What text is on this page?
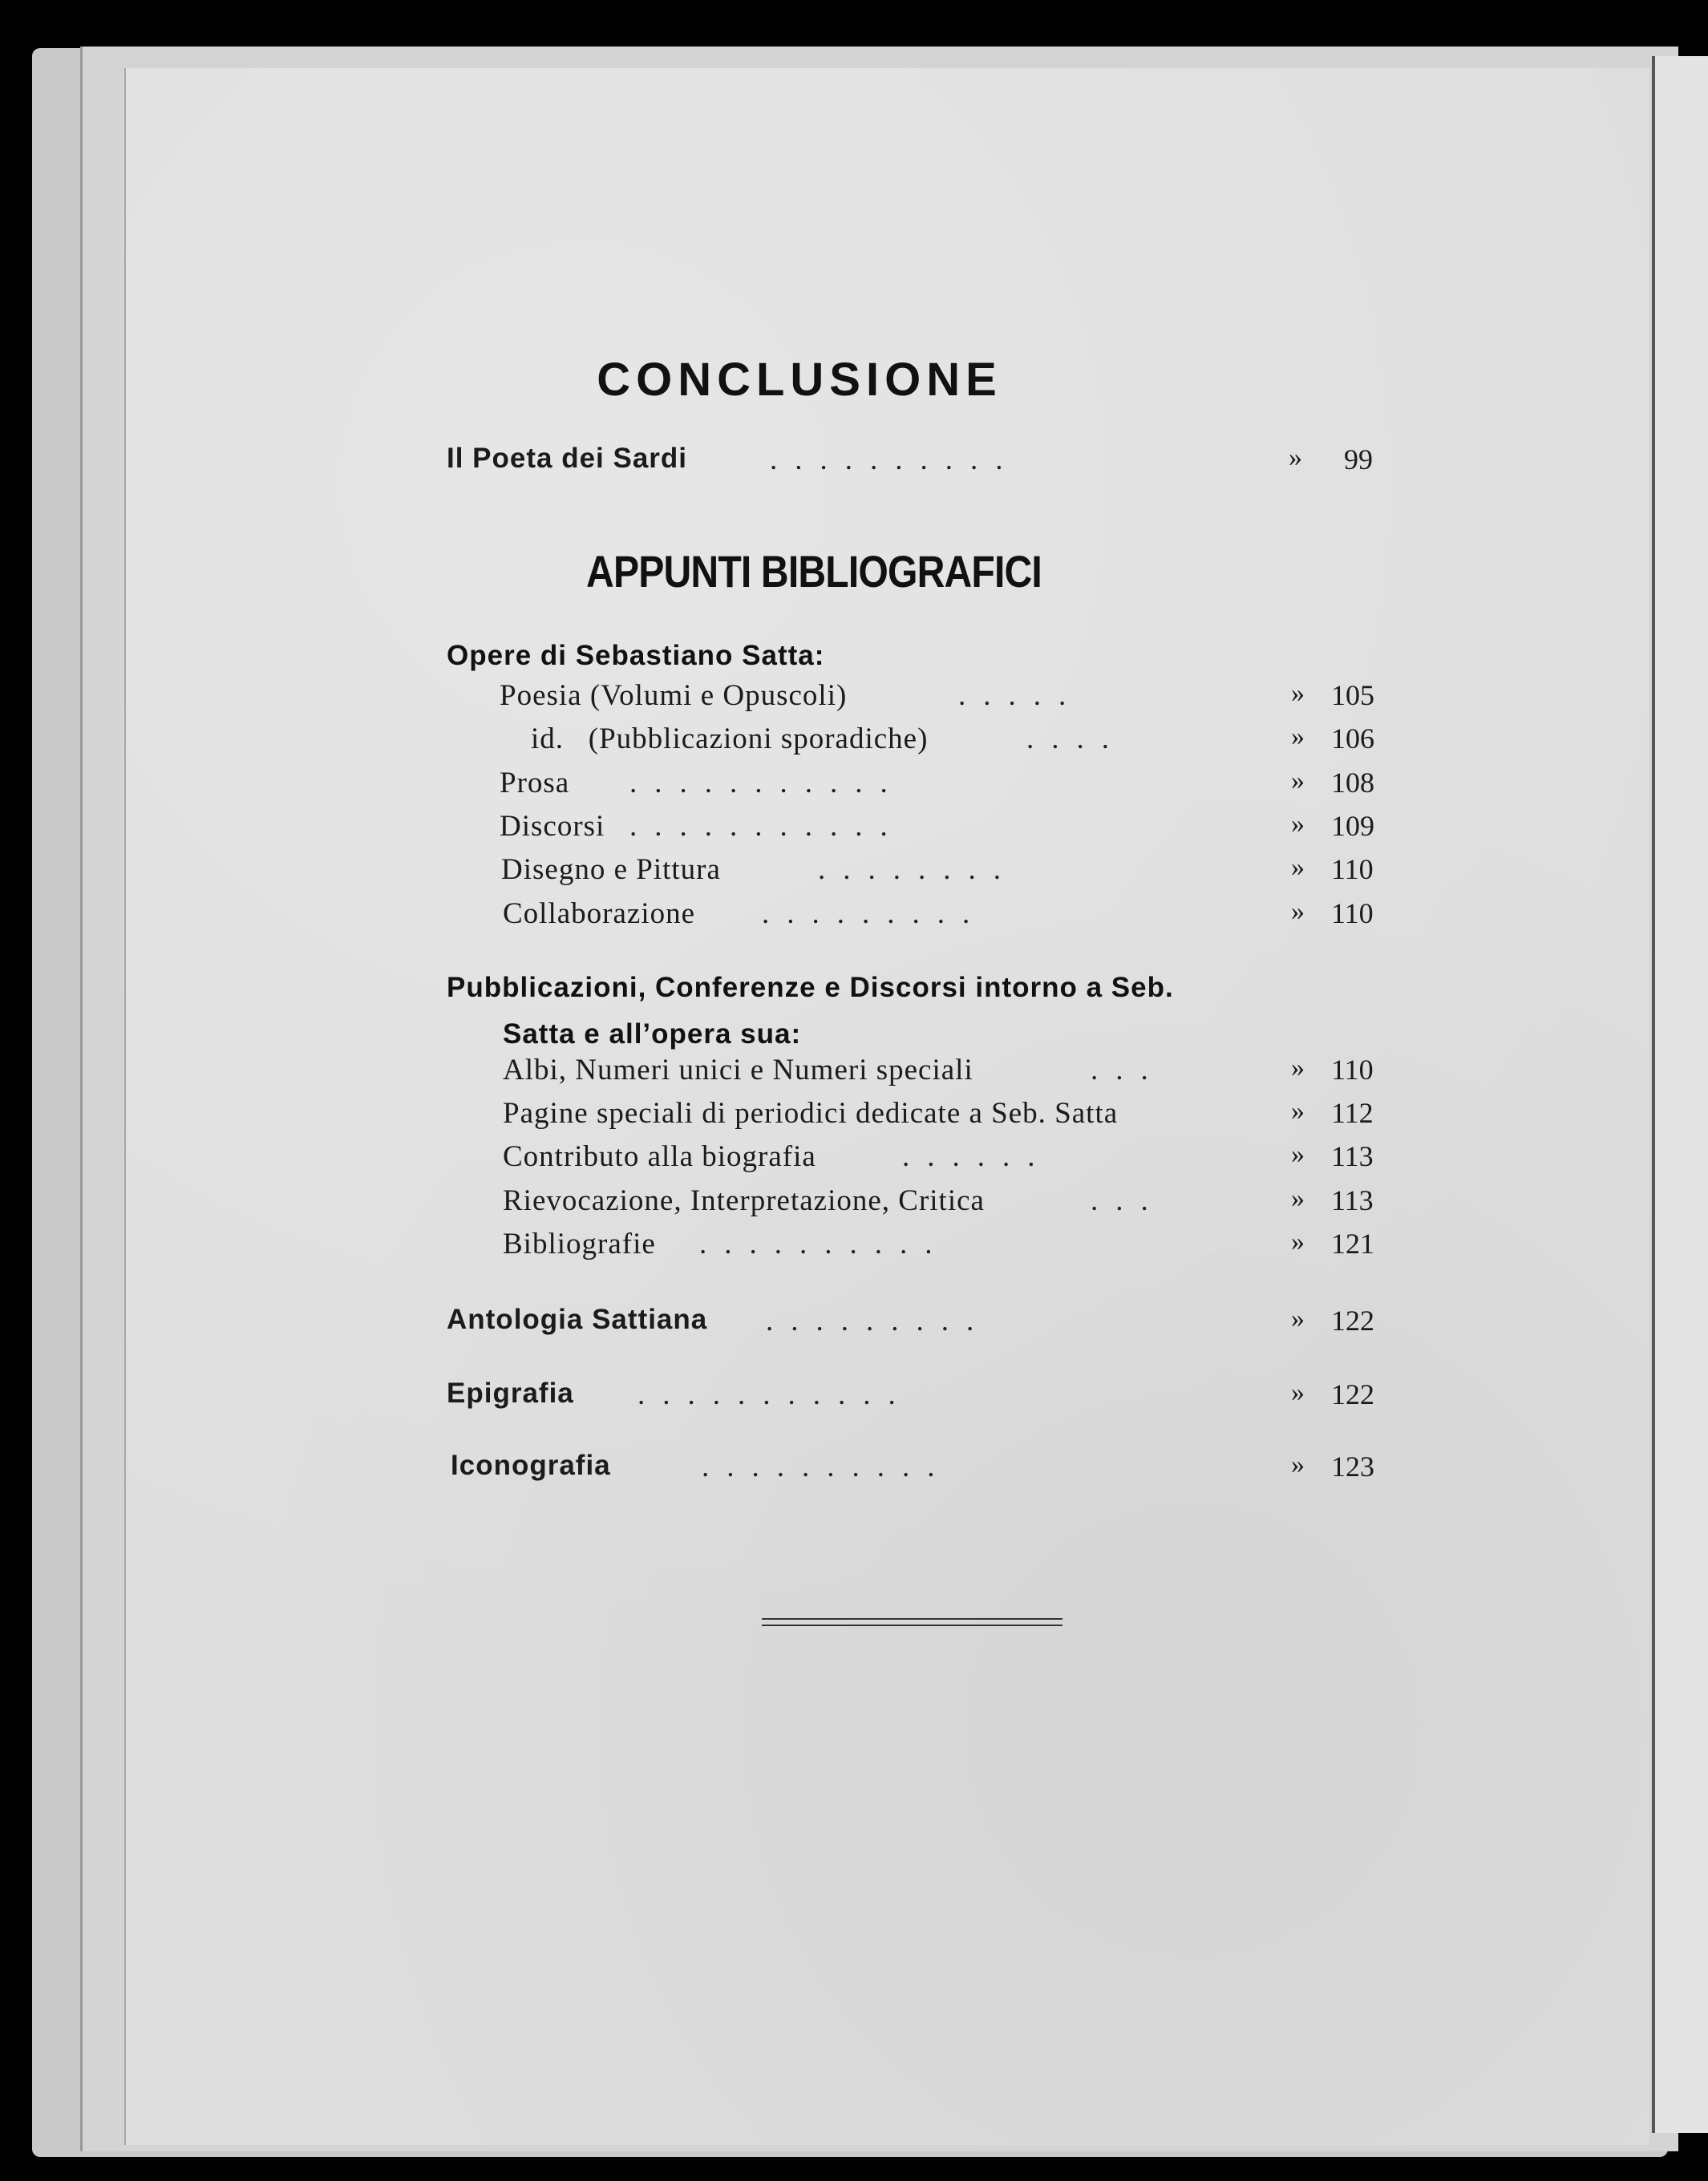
CONCLUSIONE
Il Poeta dei Sardi	..........	» 99
APPUNTI BIBLIOGRAFICI
Opere di Sebastiano Satta:
Poesia (Volumi e Opuscoli)	.....	» 105
id.   (Pubblicazioni sporadiche)	....	» 106
Prosa ...........	» 108
Discorsi ...........	» 109
Disegno e Pittura	........	» 110
Collaborazione .........	» 110
Pubblicazioni, Conferenze e Discorsi intorno a Seb.
Satta e all’opera sua:
Albi, Numeri unici e Numeri speciali	...	» 110
Pagine speciali di periodici dedicate a Seb. Satta	» 112
Contributo alla biografia	......	» 113
Rievocazione, Interpretazione, Critica	...	» 113
Bibliografie ..........	» 121
Antologia Sattiana .........	» 122
Epigrafia ...........	» 122
Iconografia	..........	» 123
